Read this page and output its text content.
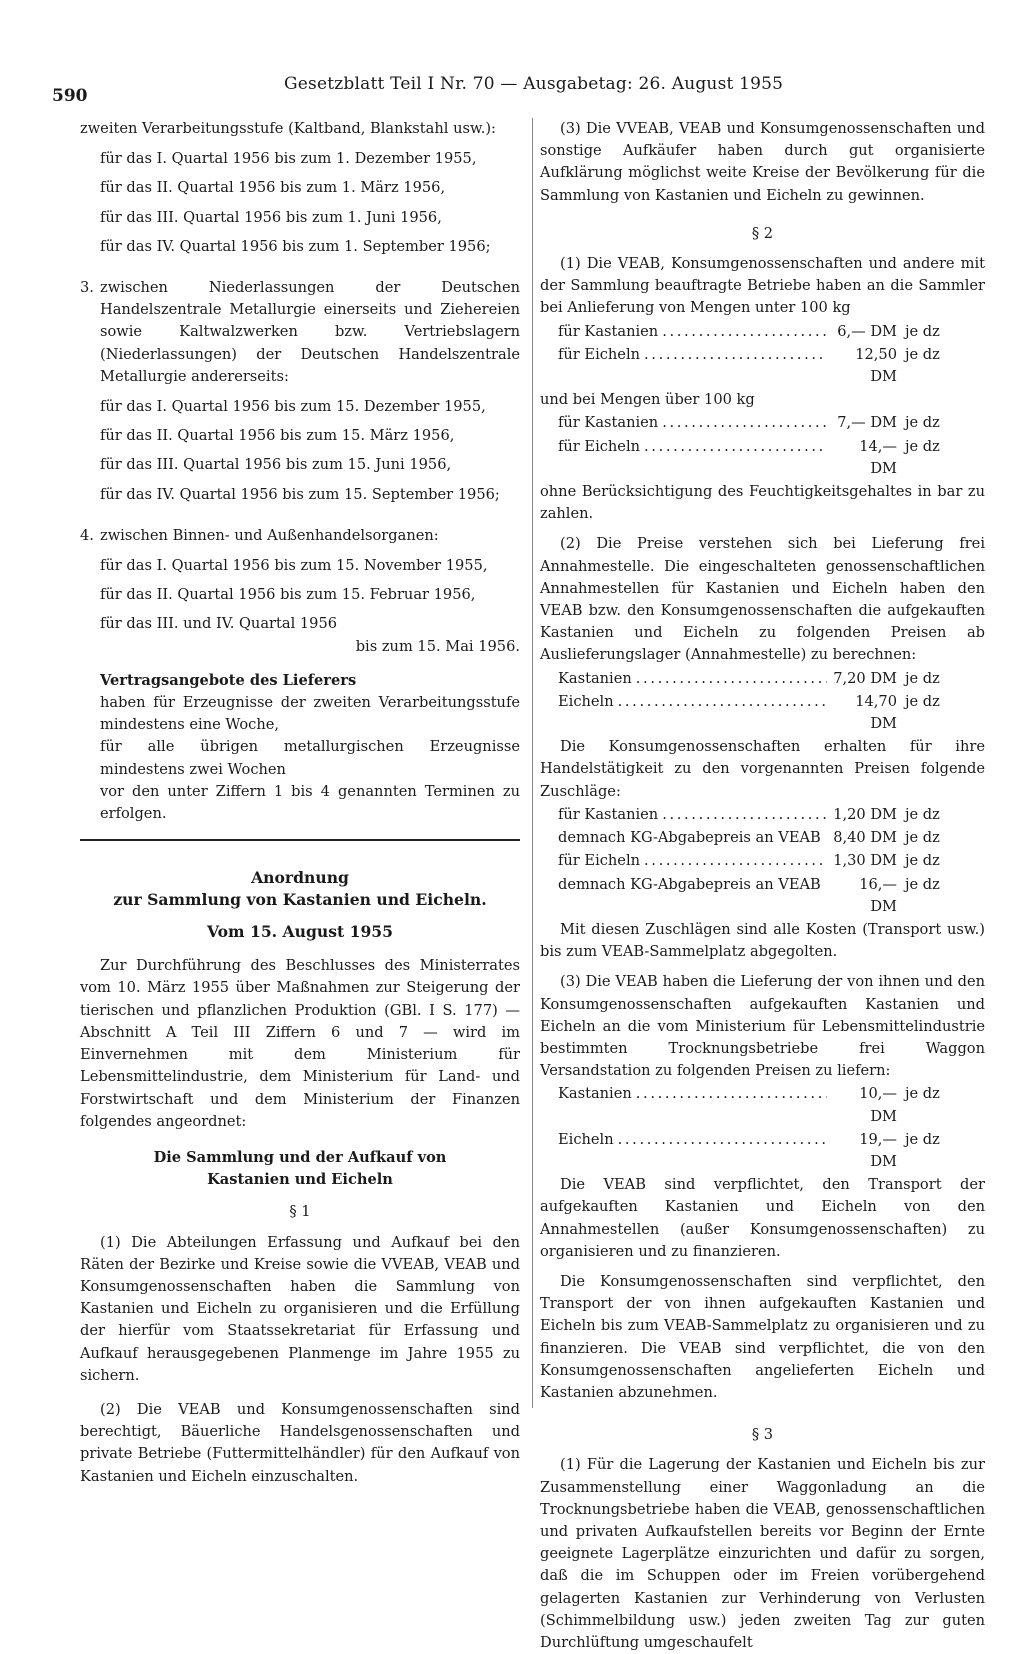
590
Gesetzblatt Teil I Nr. 70 — Ausgabetag: 26. August 1955

zweiten Verarbeitungsstufe (Kaltband, Blankstahl usw.):

für das I. Quartal 1956 bis zum 1. Dezember 1955,
für das II. Quartal 1956 bis zum 1. März 1956,
für das III. Quartal 1956 bis zum 1. Juni 1956,
für das IV. Quartal 1956 bis zum 1. September 1956;
3. zwischen Niederlassungen der Deutschen Handelszentrale Metallurgie einerseits und Ziehereien sowie Kaltwalzwerken bzw. Vertriebslagern (Niederlassungen) der Deutschen Handelszentrale Metallurgie andererseits:
für das I. Quartal 1956 bis zum 15. Dezember 1955,
für das II. Quartal 1956 bis zum 15. März 1956,
für das III. Quartal 1956 bis zum 15. Juni 1956,
für das IV. Quartal 1956 bis zum 15. September 1956;
4. zwischen Binnen- und Außenhandelsorganen:
für das I. Quartal 1956 bis zum 15. November 1955,
für das II. Quartal 1956 bis zum 15. Februar 1956,
für das III. und IV. Quartal 1956

bis zum 15. Mai 1956.

Vertragsangebote des Lieferers

haben für Erzeugnisse der zweiten Verarbeitungsstufe mindestens eine Woche,

für alle übrigen metallurgischen Erzeugnisse mindestens zwei Wochen

vor den unter Ziffern 1 bis 4 genannten Terminen zu erfolgen.

Anordnung

zur Sammlung von Kastanien und Eicheln.

Vom 15. August 1955

Zur Durchführung des Beschlusses des Ministerrates vom 10. März 1955 über Maßnahmen zur Steigerung der tierischen und pflanzlichen Produktion (GBl. I S. 177) — Abschnitt A Teil III Ziffern 6 und 7 — wird im Einvernehmen mit dem Ministerium für Lebensmittelindustrie, dem Ministerium für Land- und Forstwirtschaft und dem Ministerium der Finanzen folgendes angeordnet:

Die Sammlung und der Aufkauf von Kastanien und Eicheln

§ 1

(1) Die Abteilungen Erfassung und Aufkauf bei den Räten der Bezirke und Kreise sowie die VVEAB, VEAB und Konsumgenossenschaften haben die Sammlung von Kastanien und Eicheln zu organisieren und die Erfüllung der hierfür vom Staatssekretariat für Erfassung und Aufkauf herausgegebenen Planmenge im Jahre 1955 zu sichern.

(2) Die VEAB und Konsumgenossenschaften sind berechtigt, Bäuerliche Handelsgenossenschaften und private Betriebe (Futtermittelhändler) für den Aufkauf von Kastanien und Eicheln einzuschalten.

(3) Die VVEAB, VEAB und Konsumgenossenschaften und sonstige Aufkäufer haben durch gut organisierte Aufklärung möglichst weite Kreise der Bevölkerung für die Sammlung von Kastanien und Eicheln zu gewinnen.

§ 2

(1) Die VEAB, Konsumgenossenschaften und andere mit der Sammlung beauftragte Betriebe haben an die Sammler bei Anlieferung von Mengen unter 100 kg

für Kastanien . . .	6,— DM je dz
für Eicheln . . .	12,50 DM
je dz

und bei Mengen über 100 kg

für Kastanien . . .	7,— DM je dz
für Eicheln . . .	14,— DM
je dz

ohne Berücksichtigung des Feuchtigkeitsgehaltes in bar zu zahlen.

(2) Die Preise verstehen sich bei Lieferung frei Annahmestelle. Die eingeschalteten genossenschaftlichen Annahmestellen für Kastanien und Eicheln haben den VEAB bzw. den Konsumgenossenschaften die aufgekauften Kastanien und Eicheln zu folgenden Preisen ab Auslieferungslager (Annahmestelle) zu berechnen:

Kastanien . . .	7,20 DM je dz
Eicheln . . .	14,70 DM
je dz

Die Konsumgenossenschaften erhalten für ihre Handelstätigkeit zu den vorgenannten Preisen folgende Zuschläge:

für Kastanien . . .	1,20 DM je dz
demnach KG-Abgabepreis an VEAB 8,40 DM je dz
für Eicheln . . .	1,30 DM je dz
demnach KG-Abgabepreis an VEAB	16,— DM
je dz

Mit diesen Zuschlägen sind alle Kosten (Transport usw.) bis zum VEAB-Sammelplatz abgegolten.

(3) Die VEAB haben die Lieferung der von ihnen und den Konsumgenossenschaften aufgekauften Kastanien und Eicheln an die vom Ministerium für Lebensmittelindustrie bestimmten Trocknungsbetriebe frei Waggon Versandstation zu folgenden Preisen zu liefern:

Kastanien . . .	10,— DM
je dz
Eicheln . . .	19,— DM
je dz

Die VEAB sind verpflichtet, den Transport der aufgekauften Kastanien und Eicheln von den Annahmestellen (außer Konsumgenossenschaften) zu organisieren und zu finanzieren.

Die Konsumgenossenschaften sind verpflichtet, den Transport der von ihnen aufgekauften Kastanien und Eicheln bis zum VEAB-Sammelplatz zu organisieren und zu finanzieren. Die VEAB sind verpflichtet, die von den Konsumgenossenschaften angelieferten Eicheln und Kastanien abzunehmen.

§ 3

(1) Für die Lagerung der Kastanien und Eicheln bis zur Zusammenstellung einer Waggonladung an die Trocknungsbetriebe haben die VEAB, genossenschaftlichen und privaten Aufkaufstellen bereits vor Beginn der Ernte geeignete Lagerplätze einzurichten und dafür zu sorgen, daß die im Schuppen oder im Freien vorübergehend gelagerten Kastanien zur Verhinderung von Verlusten (Schimmelbildung usw.) jeden zweiten Tag zur guten Durchlüftung umgeschaufelt
